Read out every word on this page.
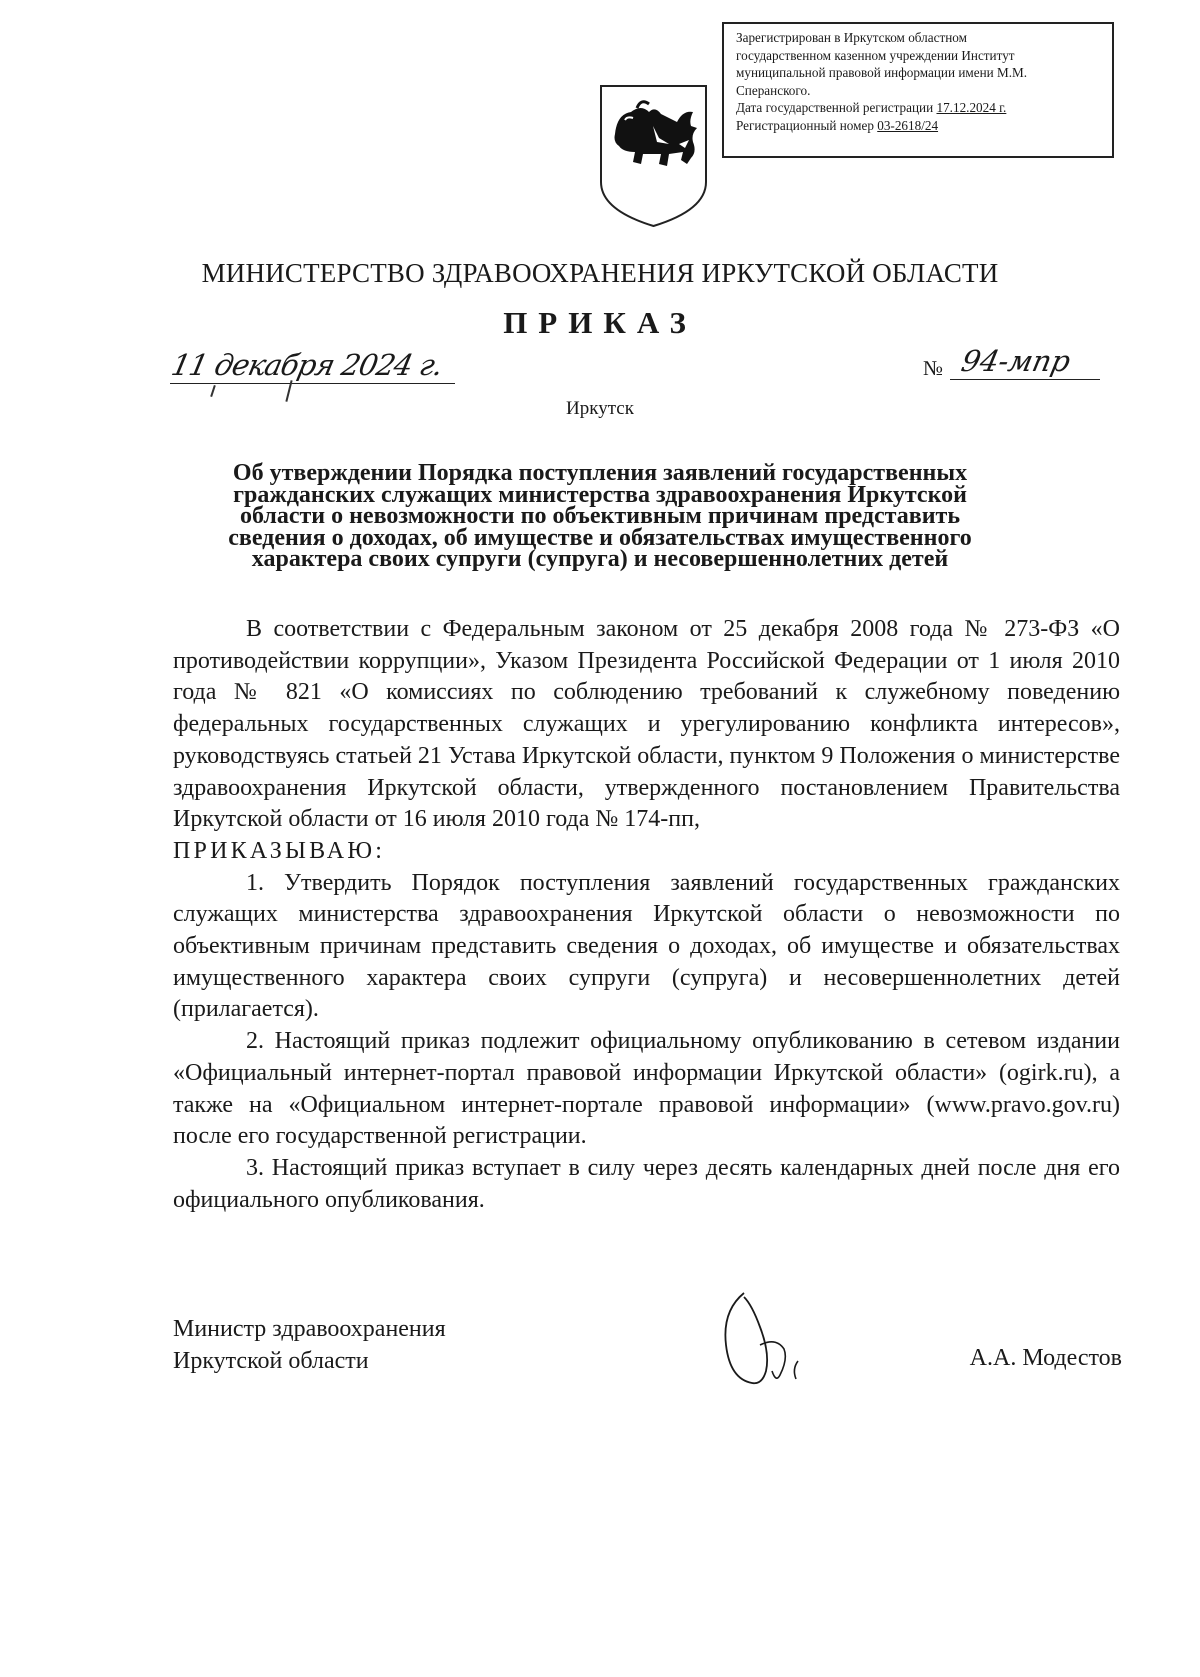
Зарегистрирован в Иркутском областном
государственном казенном учреждении Институт
муниципальной правовой информации имени М.М.
Сперанского.
Дата государственной регистрации 17.12.2024 г.
Регистрационный номер 03-2618/24
МИНИСТЕРСТВО ЗДРАВООХРАНЕНИЯ ИРКУТСКОЙ ОБЛАСТИ
ПРИКАЗ
11 декабря 2024 г.	№ 94-мпр
Иркутск
Об утверждении Порядка поступления заявлений государственных
гражданских служащих министерства здравоохранения Иркутской
области о невозможности по объективным причинам представить
сведения о доходах, об имуществе и обязательствах имущественного
характера своих супруги (супруга) и несовершеннолетних детей

В соответствии с Федеральным законом от 25 декабря 2008 года № 273-ФЗ «О противодействии коррупции», Указом Президента Российской Федерации от 1 июля 2010 года № 821 «О комиссиях по соблюдению требований к служебному поведению федеральных государственных служащих и урегулированию конфликта интересов», руководствуясь статьей 21 Устава Иркутской области, пунктом 9 Положения о министерстве здравоохранения Иркутской области, утвержденного постановлением Правительства Иркутской области от 16 июля 2010 года № 174-пп,

ПРИКАЗЫВАЮ:

1. Утвердить Порядок поступления заявлений государственных гражданских служащих министерства здравоохранения Иркутской области о невозможности по объективным причинам представить сведения о доходах, об имуществе и обязательствах имущественного характера своих супруги (супруга) и несовершеннолетних детей (прилагается).

2. Настоящий приказ подлежит официальному опубликованию в сетевом издании «Официальный интернет-портал правовой информации Иркутской области» (ogirk.ru), а также на «Официальном интернет-портале правовой информации» (www.pravo.gov.ru) после его государственной регистрации.

3. Настоящий приказ вступает в силу через десять календарных дней после дня его официального опубликования.

Министр здравоохранения
Иркутской области	А.А. Модестов
